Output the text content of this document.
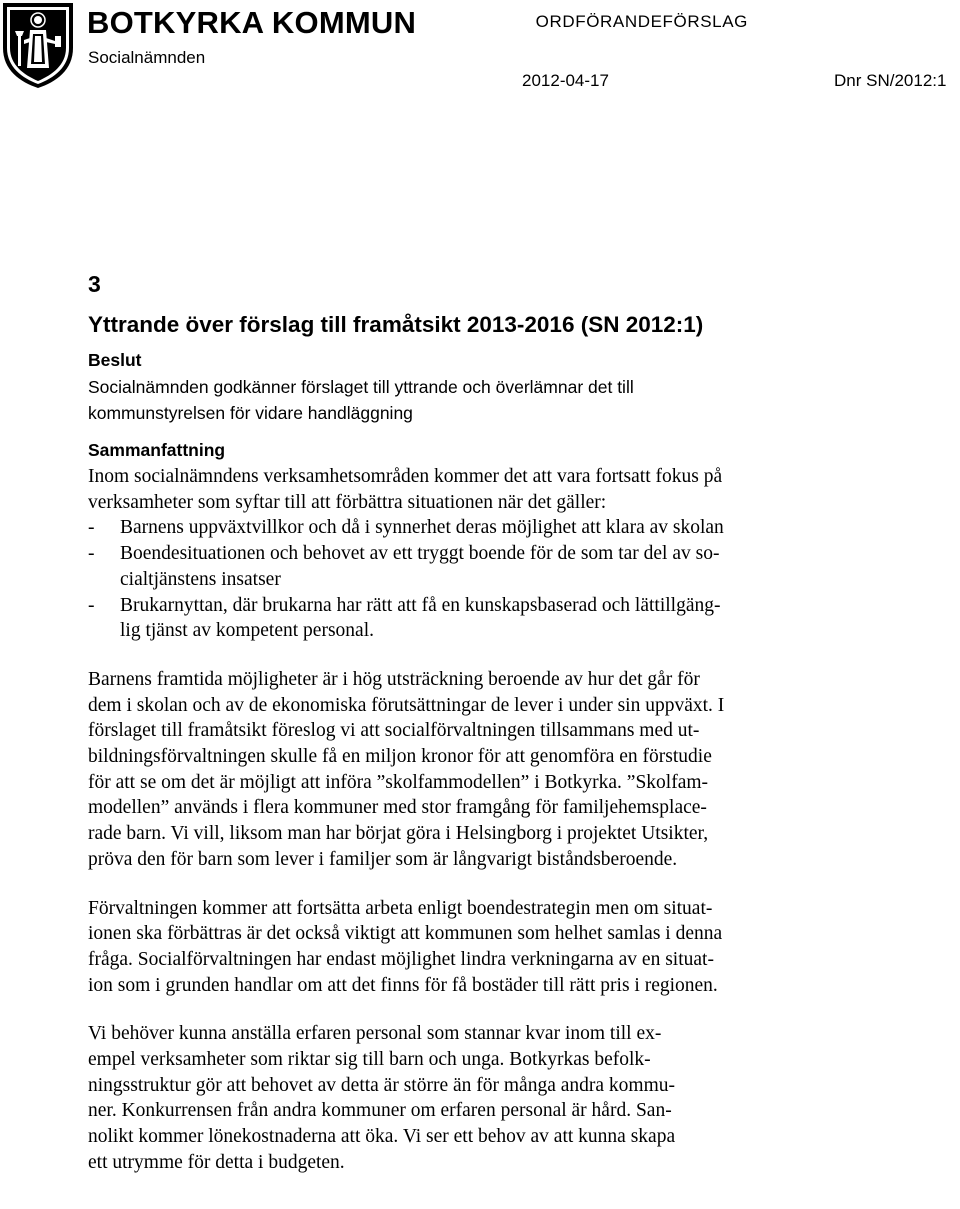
BOTKYRKA KOMMUN
Socialnämnden
ORDFÖRANDEFÖRSLAG
2012-04-17	Dnr SN/2012:1
3
Yttrande över förslag till framåtsikt 2013-2016 (SN 2012:1)
Beslut

Socialnämnden godkänner förslaget till yttrande och överlämnar det till
kommunstyrelsen för vidare handläggning

Sammanfattning

Inom socialnämndens verksamhetsområden kommer det att vara fortsatt fokus på
verksamheter som syftar till att förbättra situationen när det gäller:

- Barnens uppväxtvillkor och då i synnerhet deras möjlighet att klara av skolan
- Boendesituationen och behovet av ett tryggt boende för de som tar del av so-
cialtjänstens insatser
- Brukarnyttan, där brukarna har rätt att få en kunskapsbaserad och lättillgäng-
lig tjänst av kompetent personal.

Barnens framtida möjligheter är i hög utsträckning beroende av hur det går för
dem i skolan och av de ekonomiska förutsättningar de lever i under sin uppväxt. I
förslaget till framåtsikt föreslog vi att socialförvaltningen tillsammans med ut-
bildningsförvaltningen skulle få en miljon kronor för att genomföra en förstudie
för att se om det är möjligt att införa ”skolfammodellen” i Botkyrka. ”Skolfam-
modellen” används i flera kommuner med stor framgång för familjehemsplace-
rade barn. Vi vill, liksom man har börjat göra i Helsingborg i projektet Utsikter,
pröva den för barn som lever i familjer som är långvarigt biståndsberoende.

Förvaltningen kommer att fortsätta arbeta enligt boendestrategin men om situat-
ionen ska förbättras är det också viktigt att kommunen som helhet samlas i denna
fråga. Socialförvaltningen har endast möjlighet lindra verkningarna av en situat-
ion som i grunden handlar om att det finns för få bostäder till rätt pris i regionen.

Vi behöver kunna anställa erfaren personal som stannar kvar inom till ex-
empel verksamheter som riktar sig till barn och unga. Botkyrkas befolk-
ningsstruktur gör att behovet av detta är större än för många andra kommu-
ner. Konkurrensen från andra kommuner om erfaren personal är hård. San-
nolikt kommer lönekostnaderna att öka. Vi ser ett behov av att kunna skapa
ett utrymme för detta i budgeten.
